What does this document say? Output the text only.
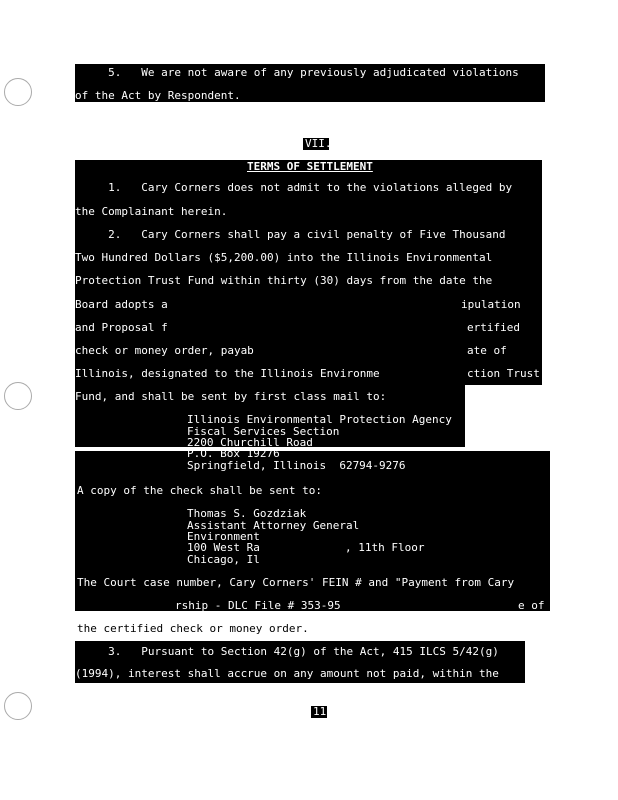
5.   We are not aware of any previously adjudicated violations
of the Act by Respondent.
VII.
TERMS OF SETTLEMENT
1.   Cary Corners does not admit to the violations alleged by
the Complainant herein.
2.   Cary Corners shall pay a civil penalty of Five Thousand
Two Hundred Dollars ($5,200.00) into the Illinois Environmental
Protection Trust Fund within thirty (30) days from the date the
Board adopts a	ipulation
and Proposal f	ertified
check or money order, payab	ate of
Illinois, designated to the Illinois Environme	ction Trust
Fund, and shall be sent by first class mail to:
Illinois Environmental Protection Agency
Fiscal Services Section
2200 Churchill Road
P.O. Box 19276
Springfield, Illinois  62794-9276
A copy of the check shall be sent to:
Thomas S. Gozdziak
Assistant Attorney General
Environment
100 West Ra	, 11th Floor
Chicago, Il
The Court case number, Cary Corners' FEIN # and "Payment from Cary
rship - DLC File # 353-95	e of
the certified check or money order.
3.   Pursuant to Section 42(g) of the Act, 415 ILCS 5/42(g)
(1994), interest shall accrue on any amount not paid, within the
11
